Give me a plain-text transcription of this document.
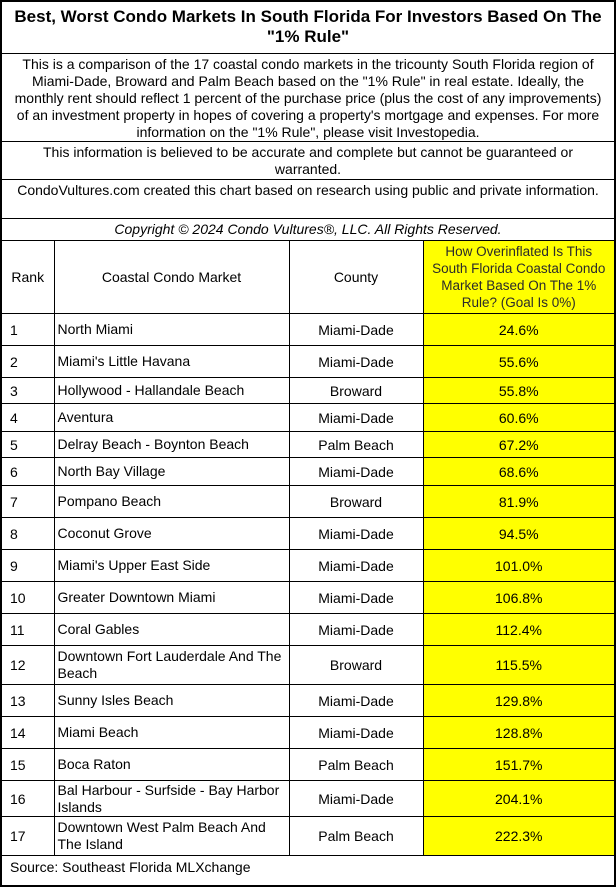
Best, Worst Condo Markets In South Florida For Investors Based On The "1% Rule"
This is a comparison of the 17 coastal condo markets in the tricounty South Florida region of Miami-Dade, Broward and Palm Beach based on the "1% Rule" in real estate. Ideally, the monthly rent should reflect 1 percent of the purchase price (plus the cost of any improvements) of an investment property in hopes of covering a property's mortgage and expenses. For more information on the "1% Rule", please visit Investopedia.
This information is believed to be accurate and complete but cannot be guaranteed or warranted.
CondoVultures.com created this chart based on research using public and private information.
Copyright © 2024 Condo Vultures®, LLC. All Rights Reserved.
Rank	Coastal Condo Market	County	How Overinflated Is This South Florida Coastal Condo Market Based On The 1% Rule? (Goal Is 0%)
1	North Miami	Miami-Dade	24.6%
2	Miami's Little Havana	Miami-Dade	55.6%
3	Hollywood - Hallandale Beach	Broward	55.8%
4	Aventura	Miami-Dade	60.6%
5	Delray Beach - Boynton Beach	Palm Beach	67.2%
6	North Bay Village	Miami-Dade	68.6%
7	Pompano Beach	Broward	81.9%
8	Coconut Grove	Miami-Dade	94.5%
9	Miami's Upper East Side	Miami-Dade	101.0%
10	Greater Downtown Miami	Miami-Dade	106.8%
11	Coral Gables	Miami-Dade	112.4%
12	Downtown Fort Lauderdale And The Beach	Broward	115.5%
13	Sunny Isles Beach	Miami-Dade	129.8%
14	Miami Beach	Miami-Dade	128.8%
15	Boca Raton	Palm Beach	151.7%
16	Bal Harbour - Surfside - Bay Harbor Islands	Miami-Dade	204.1%
17	Downtown West Palm Beach And The Island	Palm Beach	222.3%
Source: Southeast Florida MLXchange
